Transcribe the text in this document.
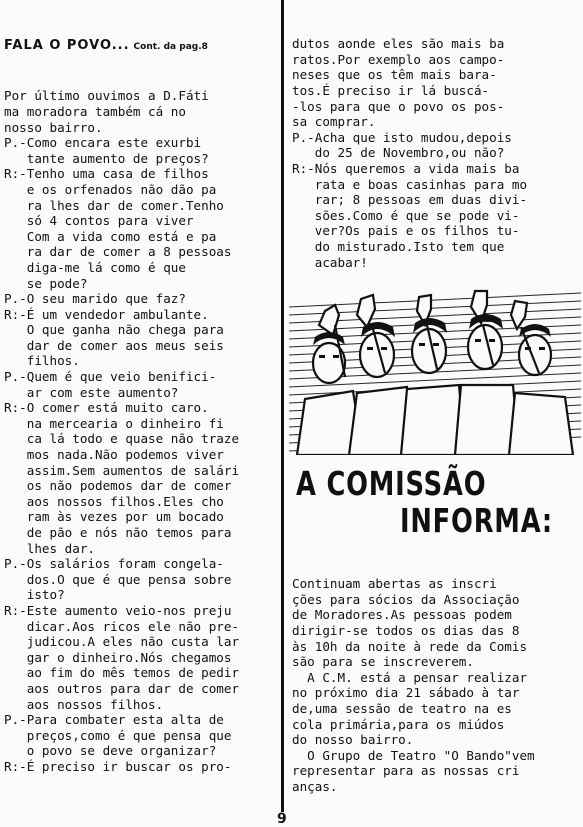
FALA O POVO... Cont. da pag.8

Por último ouvimos a D.Fáti
ma moradora também cá no
nosso bairro.
P.-Como encara este exurbi
tante aumento de preços?
R:-Tenho uma casa de filhos
e os orfenados não dão pa
ra lhes dar de comer.Tenho
só 4 contos para viver
Com a vida como está e pa
ra dar de comer a 8 pessoas
diga-me lá como é que
se pode?
P.-O seu marido que faz?
R:-É um vendedor ambulante.
O que ganha não chega para
dar de comer aos meus seis
filhos.
P.-Quem é que veio benifici-
ar com este aumento?
R:-O comer está muito caro.
na mercearia o dinheiro fi
ca lá todo e quase não traze
mos nada.Não podemos viver
assim.Sem aumentos de salári
os não podemos dar de comer
aos nossos filhos.Eles cho
ram às vezes por um bocado
de pão e nós não temos para
lhes dar.
P.-Os salários foram congela-
dos.O que é que pensa sobre
isto?
R:-Este aumento veio-nos preju
dicar.Aos ricos ele não pre-
judicou.A eles não custa lar
gar o dinheiro.Nós chegamos
ao fim do mês temos de pedir
aos outros para dar de comer
aos nossos filhos.
P.-Para combater esta alta de
preços,como é que pensa que
o povo se deve organizar?
R:-É preciso ir buscar os pro-

dutos aonde eles são mais ba
ratos.Por exemplo aos campo-
neses que os têm mais bara-
tos.É preciso ir lá buscá-
-los para que o povo os pos-
sa comprar.
P.-Acha que isto mudou,depois
do 25 de Novembro,ou não?
R:-Nós queremos a vida mais ba
rata e boas casinhas para mo
rar; 8 pessoas em duas divi-
sões.Como é que se pode vi-
ver?Os pais e os filhos tu-
do misturado.Isto tem que
acabar!

A COMISSÃO
INFORMA:

Continuam abertas as inscri
ções para sócios da Associação
de Moradores.As pessoas podem
dirigir-se todos os dias das 8
às 10h da noite à rede da Comis
são para se inscreverem.
A C.M. está a pensar realizar
no próximo dia 21 sábado à tar
de,uma sessão de teatro na es
cola primária,para os miúdos
do nosso bairro.
O Grupo de Teatro "O Bando"vem
representar para as nossas cri
anças.

9
